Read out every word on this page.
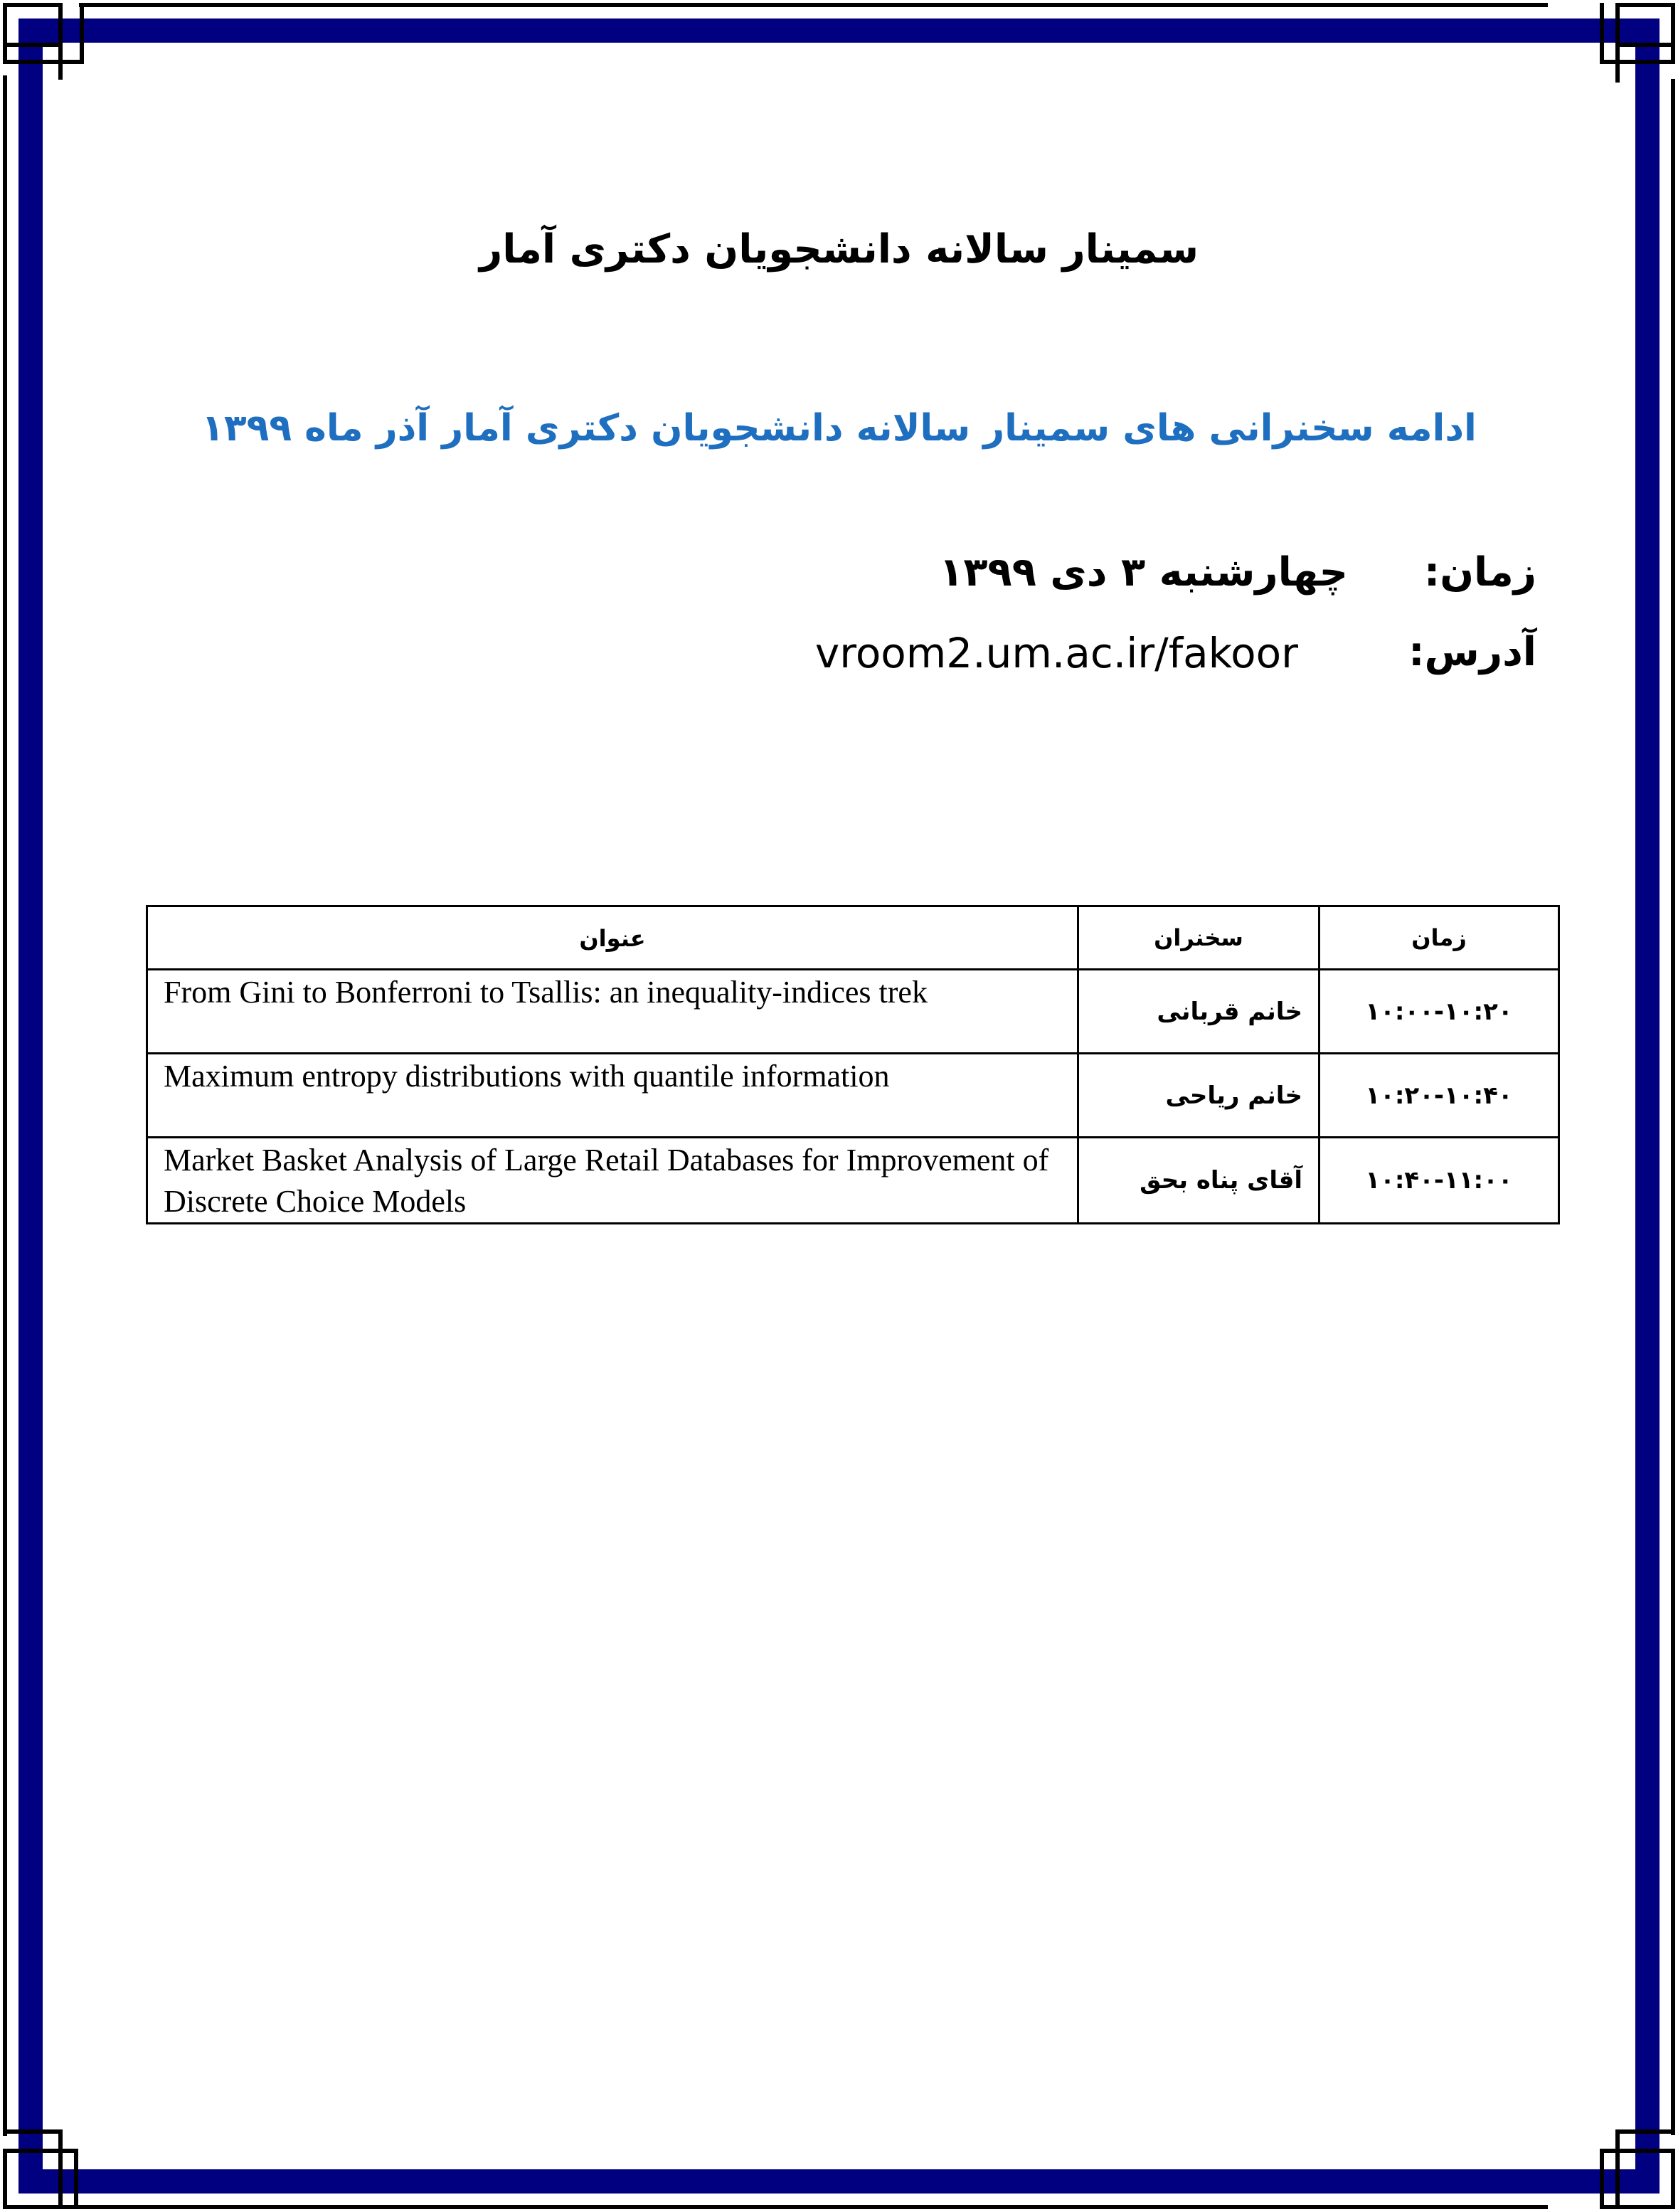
سمینار سالانه دانشجویان دکتری آمار
ادامه سخنرانی های سمینار سالانه دانشجویان دکتری آمار آذر ماه ۱۳۹۹
زمان:
چهارشنبه ۳ دی ۱۳۹۹
آدرس:
vroom2.um.ac.ir/fakoor
زمان	سخنران	عنوان
۱۰:۰۰-۱۰:۲۰	خانم قربانی	From Gini to Bonferroni to Tsallis: an inequality-indices trek
۱۰:۲۰-۱۰:۴۰	خانم ریاحی	Maximum entropy distributions with quantile information
۱۰:۴۰-۱۱:۰۰	آقای پناه بحق	Market Basket Analysis of Large Retail Databases for Improvement of Discrete Choice Models
